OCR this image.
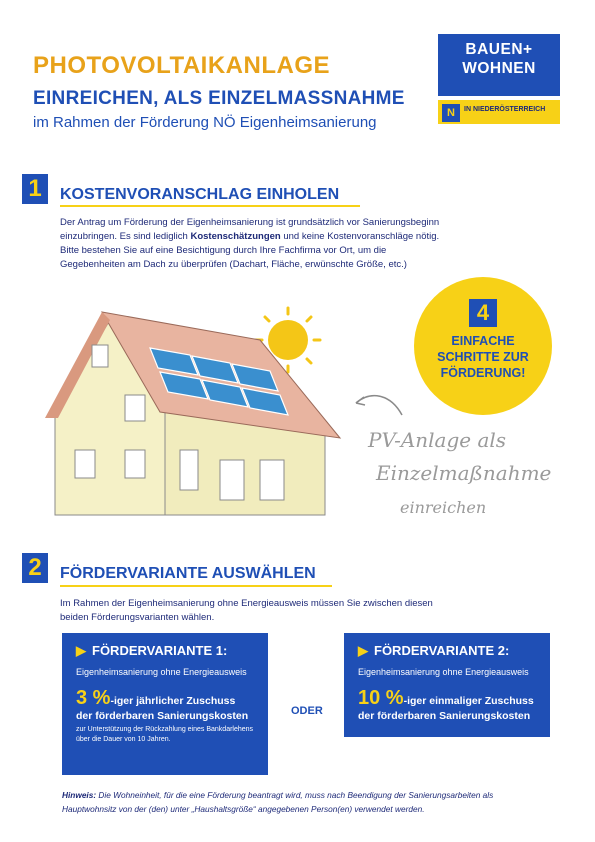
PHOTOVOLTAIKANLAGE
EINREICHEN, ALS EINZELMASSNAHME
im Rahmen der Förderung NÖ Eigenheimsanierung
BAUEN+
WOHNEN
N	IN NIEDERÖSTERREICH
1	KOSTENVORANSCHLAG EINHOLEN
Der Antrag um Förderung der Eigenheimsanierung ist grundsätzlich vor Sanierungsbeginn einzubringen. Es sind lediglich Kostenschätzungen und keine Kostenvoranschläge nötig. Bitte bestehen Sie auf eine Besichtigung durch Ihre Fachfirma vor Ort, um die Gegebenheiten am Dach zu überprüfen (Dachart, Fläche, erwünschte Größe, etc.)
4
EINFACHE
SCHRITTE ZUR
FÖRDERUNG!
PV-Anlage als
Einzelmaßnahme
einreichen
2	FÖRDERVARIANTE AUSWÄHLEN
Im Rahmen der Eigenheimsanierung ohne Energieausweis müssen Sie zwischen diesen beiden Förderungsvarianten wählen.
▶ FÖRDERVARIANTE 1:
Eigenheimsanierung ohne Energieausweis
3 %-iger jährlicher Zuschuss
der förderbaren Sanierungskosten
zur Unterstützung der Rückzahlung eines Bankdarlehens über die Dauer von 10 Jahren.
ODER
▶ FÖRDERVARIANTE 2:
Eigenheimsanierung ohne Energieausweis
10 %-iger einmaliger Zuschuss
der förderbaren Sanierungskosten
Hinweis: Die Wohneinheit, für die eine Förderung beantragt wird, muss nach Beendigung der Sanierungsarbeiten als Hauptwohnsitz von der (den) unter „Haushaltsgröße“ angegebenen Person(en) verwendet werden.
